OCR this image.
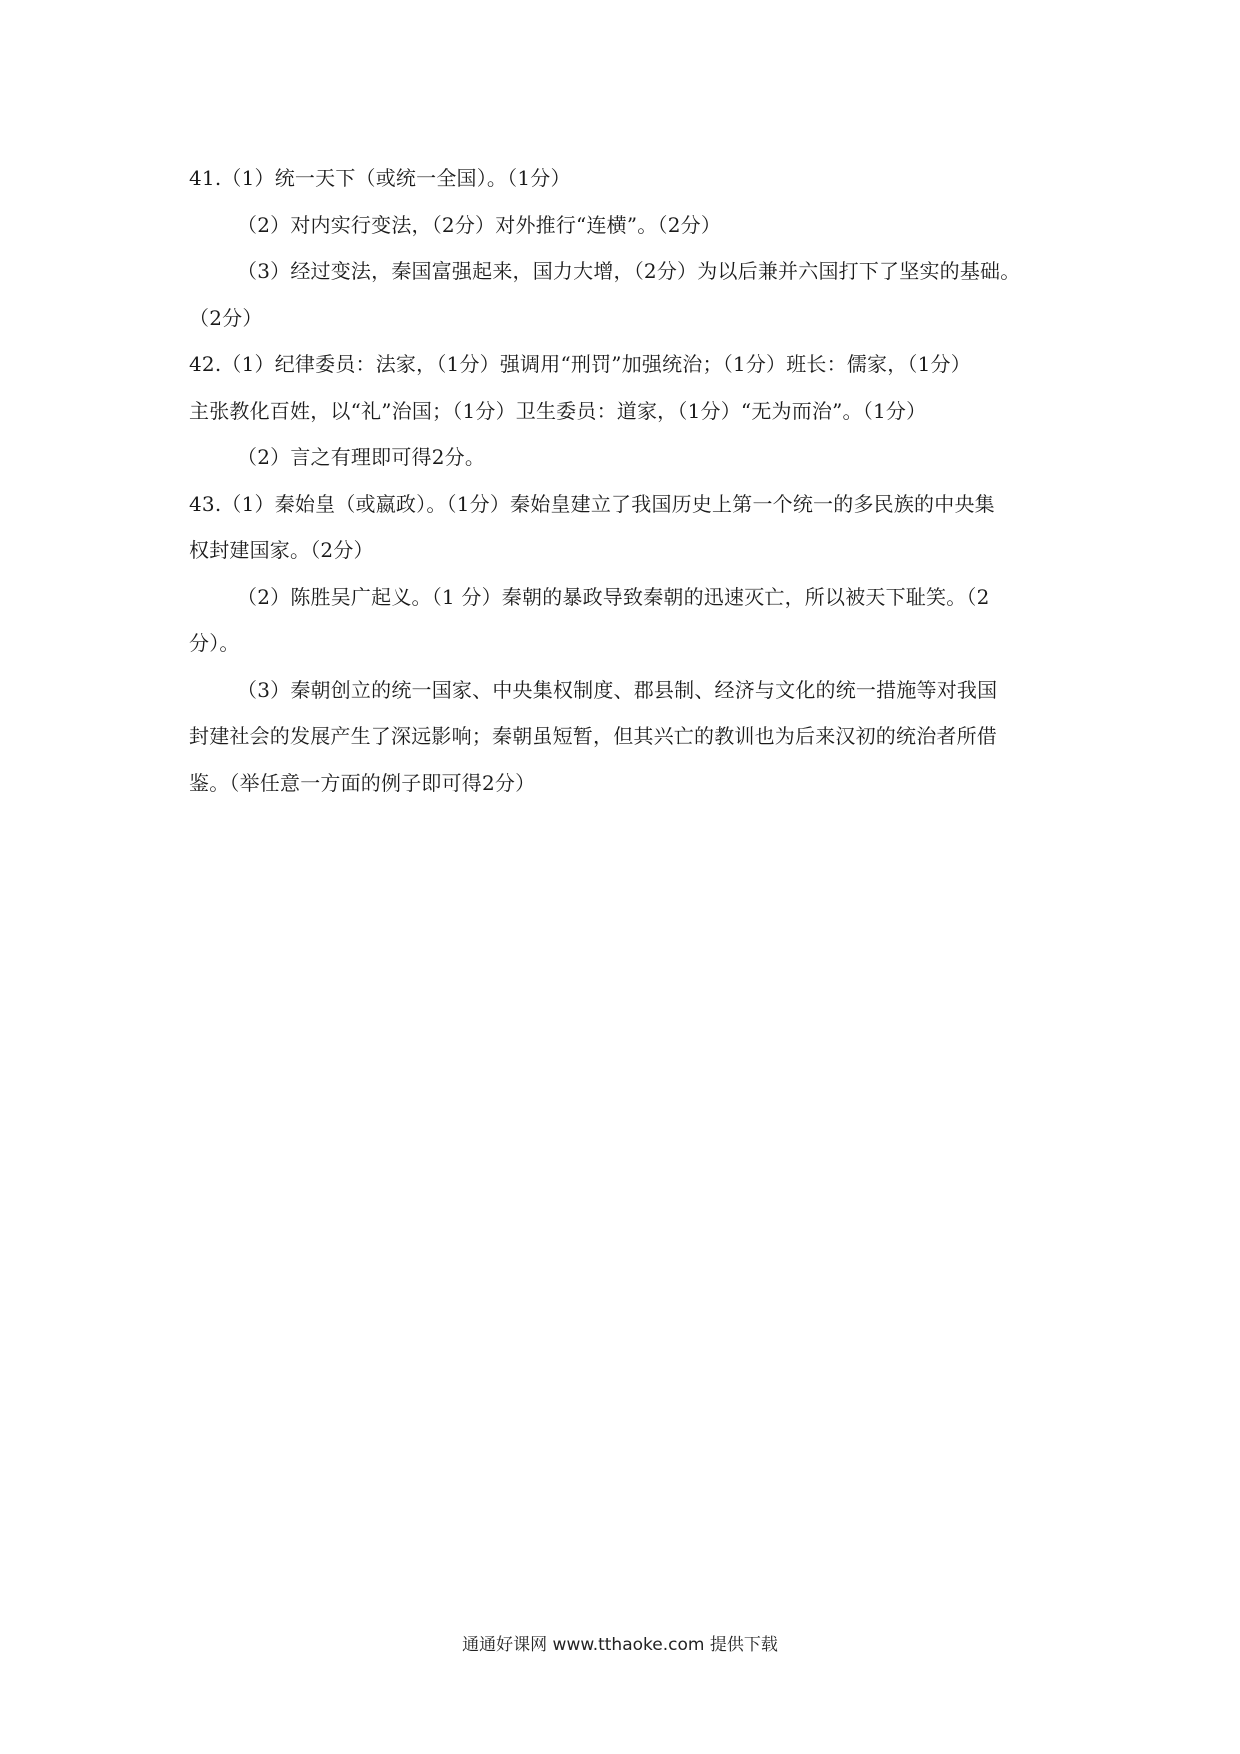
41.（1）统一天下（或统一全国）。（1分）
（2）对内实行变法，（2分）对外推行“连横”。（2分）
（3）经过变法，秦国富强起来，国力大增，（2分）为以后兼并六国打下了坚实的基础。
（2分）
42.（1）纪律委员：法家，（1分）强调用“刑罚”加强统治；（1分）班长：儒家，（1分）
主张教化百姓，以“礼”治国；（1分）卫生委员：道家，（1分）“无为而治”。（1分）
（2）言之有理即可得2分。
43.（1）秦始皇（或嬴政）。（1分）秦始皇建立了我国历史上第一个统一的多民族的中央集
权封建国家。（2分）
（2）陈胜吴广起义。（1 分）秦朝的暴政导致秦朝的迅速灭亡，所以被天下耻笑。（2
分）。
（3）秦朝创立的统一国家、中央集权制度、郡县制、经济与文化的统一措施等对我国
封建社会的发展产生了深远影响；秦朝虽短暂，但其兴亡的教训也为后来汉初的统治者所借
鉴。（举任意一方面的例子即可得2分）
通通好课网 www.tthaoke.com 提供下载
